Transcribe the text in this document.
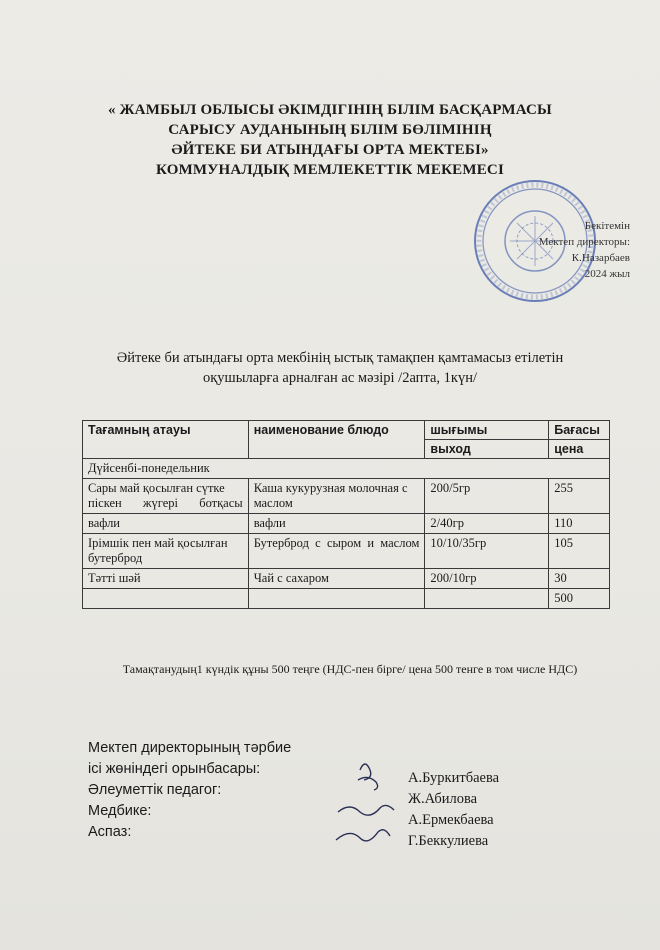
« ЖАМБЫЛ ОБЛЫСЫ ӘКІМДІГІНІҢ БІЛІМ БАСҚАРМАСЫ
САРЫСУ АУДАНЫНЫҢ БІЛІМ БӨЛІМІНІҢ
ӘЙТЕКЕ БИ АТЫНДАҒЫ ОРТА МЕКТЕБІ»
КОММУНАЛДЫҚ МЕМЛЕКЕТТІК МЕКЕМЕСІ
Бекітемін
Мектеп директоры:
К.Назарбаев
2024 жыл
Әйтеке би атындағы орта мекбінің ыстық тамақпен қамтамасыз етілетін
оқушыларға арналған ас мәзірі /2апта, 1күн/
Тағамның атауы	наименование блюдо	шығымы	Бағасы
		выход	цена
Дүйсенбі-понедельник			
Сары май қосылған сүтке піскен жүгері ботқасы	Каша кукурузная молочная с маслом	200/5гр	255
вафли	вафли	2/40гр	110
Ірімшік пен май қосылған бутерброд	Бутерброд с сыром и маслом	10/10/35гр	105
Тәтті шәй	Чай с сахаром	200/10гр	30
			500
Тамақтанудың1 күндік құны 500 теңге (НДС-пен бірге/ цена 500 тенге в том числе НДС)
Мектеп директорының тәрбие
ісі жөніндегі орынбасары:
Әлеуметтік педагог:
Медбике:
Аспаз:
А.Буркитбаева
Ж.Абилова
А.Ермекбаева
Г.Беккулиева
